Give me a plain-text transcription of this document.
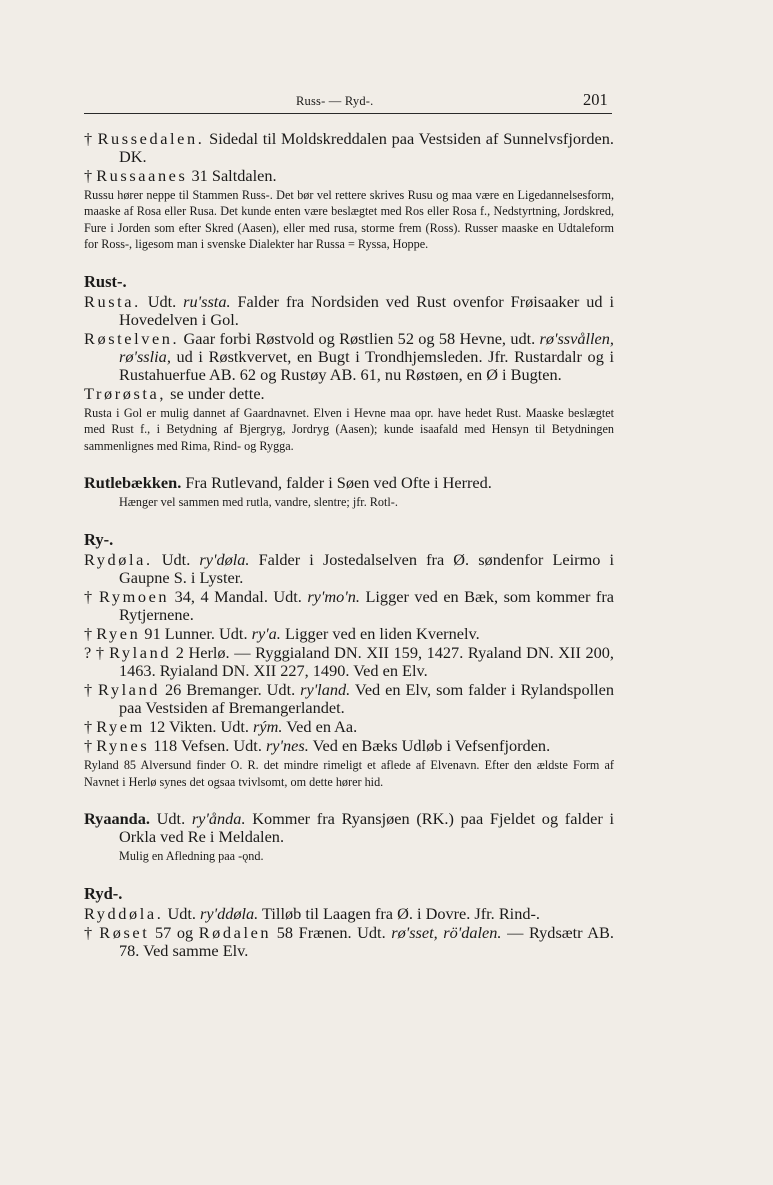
Russ- — Ryd-.	201

† Russedalen. Sidedal til Moldskreddalen paa Vestsiden af Sunnelvsfjorden. DK.

† Russaanes 31 Saltdalen.

Russu hører neppe til Stammen Russ-. Det bør vel rettere skrives Rusu og maa være en Ligedannelsesform, maaske af Rosa eller Rusa. Det kunde enten være beslægtet med Ros eller Rosa f., Nedstyrtning, Jordskred, Fure i Jorden som efter Skred (Aasen), eller med rusa, storme frem (Ross). Russer maaske en Udtaleform for Ross-, ligesom man i svenske Dialekter har Russa = Ryssa, Hoppe.

Rust-.

Rusta. Udt. ru'ssta. Falder fra Nordsiden ved Rust ovenfor Frøisaaker ud i Hovedelven i Gol.

Røstelven. Gaar forbi Røstvold og Røstlien 52 og 58 Hevne, udt. rø'ssvållen, rø'sslia, ud i Røstkvervet, en Bugt i Trondhjemsleden. Jfr. Rustardalr og i Rustahuerfue AB. 62 og Rustøy AB. 61, nu Røstøen, en Ø i Bugten.

Trørøsta, se under dette.

Rusta i Gol er mulig dannet af Gaardnavnet. Elven i Hevne maa opr. have hedet Rust. Maaske beslægtet med Rust f., i Betydning af Bjergryg, Jordryg (Aasen); kunde isaafald med Hensyn til Betydningen sammenlignes med Rima, Rind- og Rygga.

Rutlebækken. Fra Rutlevand, falder i Søen ved Ofte i Herred.

Hænger vel sammen med rutla, vandre, slentre; jfr. Rotl-.

Ry-.

Rydøla. Udt. ry'døla. Falder i Jostedalselven fra Ø. søndenfor Leirmo i Gaupne S. i Lyster.

† Rymoen 34, 4 Mandal. Udt. ry'mo'n. Ligger ved en Bæk, som kommer fra Rytjernene.

† Ryen 91 Lunner. Udt. ry'a. Ligger ved en liden Kvernelv.

? † Ryland 2 Herlø. — Ryggialand DN. XII 159, 1427. Ryaland DN. XII 200, 1463. Ryialand DN. XII 227, 1490. Ved en Elv.

† Ryland 26 Bremanger. Udt. ry'land. Ved en Elv, som falder i Rylandspollen paa Vestsiden af Bremangerlandet.

† Ryem 12 Vikten. Udt. rým. Ved en Aa.

† Rynes 118 Vefsen. Udt. ry'nes. Ved en Bæks Udløb i Vefsenfjorden.

Ryland 85 Alversund finder O. R. det mindre rimeligt et aflede af Elvenavn. Efter den ældste Form af Navnet i Herlø synes det ogsaa tvivlsomt, om dette hører hid.

Ryaanda. Udt. ry'ånda. Kommer fra Ryansjøen (RK.) paa Fjeldet og falder i Orkla ved Re i Meldalen.

Mulig en Afledning paa -ǫnd.

Ryd-.

Ryddøla. Udt. ry'ddøla. Tilløb til Laagen fra Ø. i Dovre. Jfr. Rind-.

† Røset 57 og Rødalen 58 Frænen. Udt. rø'sset, rö'dalen. — Rydsætr AB. 78. Ved samme Elv.
